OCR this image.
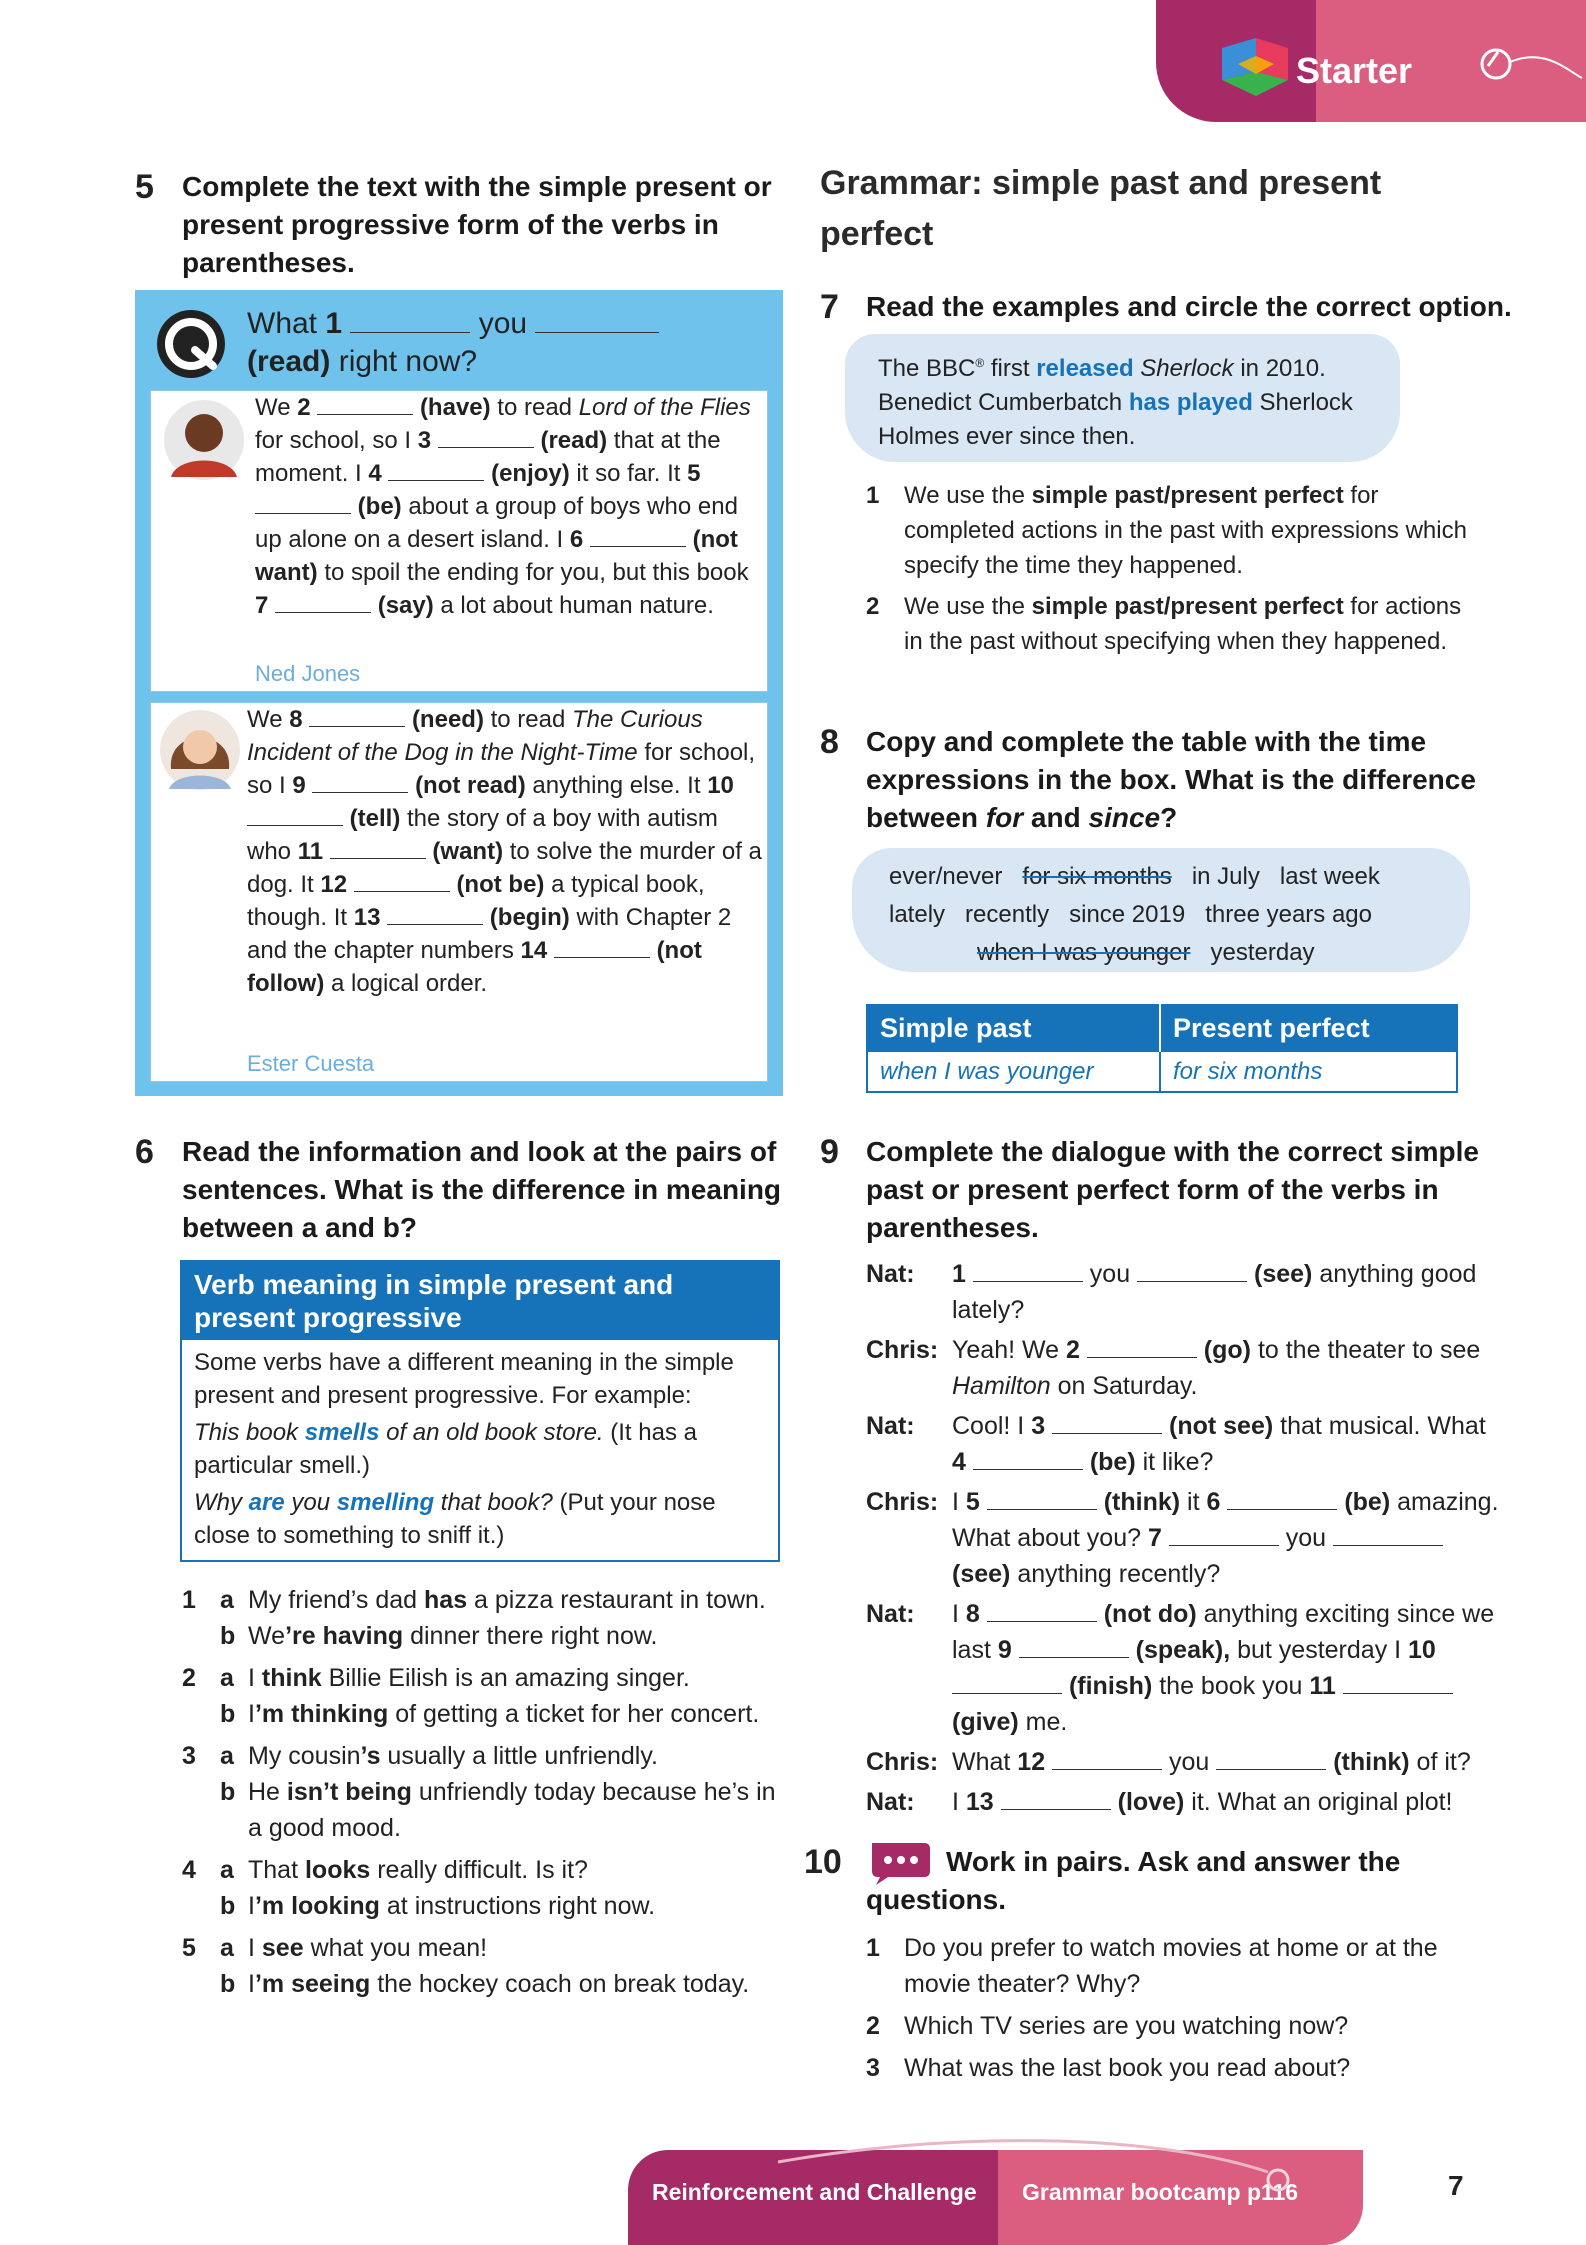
Starter
5 Complete the text with the simple present or present progressive form of the verbs in parentheses.
What 1	you
(read) right now?
We 2	(have) to read Lord of the Flies for school, so I 3	(read) that at the moment. I 4	(enjoy) it so far. It 5  (be) about a group of boys who end up alone on a desert island. I 6	(not want) to spoil the ending for you, but this book 7	(say) a lot about human nature.
Ned Jones
We 8	(need) to read The Curious Incident of the Dog in the Night-Time for school, so I 9	(not read) anything else. It 10  (tell) the story of a boy with autism who 11	(want) to solve the murder of a dog. It 12	(not be) a typical book, though. It 13	(begin) with Chapter 2 and the chapter numbers 14	(not follow) a logical order.
Ester Cuesta
6 Read the information and look at the pairs of sentences. What is the difference in meaning between a and b?
Verb meaning in simple present and present progressive
Some verbs have a different meaning in the simple present and present progressive. For example:
This book smells of an old book store. (It has a particular smell.)
Why are you smelling that book? (Put your nose close to something to sniff it.)
1 a My friend’s dad has a pizza restaurant in town.
b We’re having dinner there right now.
2 a I think Billie Eilish is an amazing singer.
b I’m thinking of getting a ticket for her concert.
3 a My cousin’s usually a little unfriendly.
b He isn’t being unfriendly today because he’s in a good mood.
4 a That looks really difficult. Is it?
b I’m looking at instructions right now.
5 a I see what you mean!
b I’m seeing the hockey coach on break today.
Grammar: simple past and present perfect
7 Read the examples and circle the correct option.
The BBC® first released Sherlock in 2010.
Benedict Cumberbatch has played Sherlock Holmes ever since then.
1 We use the simple past/present perfect for completed actions in the past with expressions which specify the time they happened.
2 We use the simple past/present perfect for actions in the past without specifying when they happened.
8 Copy and complete the table with the time expressions in the box. What is the difference between for and since?
ever/never for six months in July last week
lately recently since 2019 three years ago
when I was younger yesterday
Simple past	Present perfect
when I was younger	for six months
9 Complete the dialogue with the correct simple past or present perfect form of the verbs in parentheses.
Nat: 1	you	(see) anything good lately?
Chris: Yeah! We 2	(go) to the theater to see Hamilton on Saturday.
Nat: Cool! I 3	(not see) that musical. What 4	(be) it like?
Chris: I 5	(think) it 6	(be) amazing. What about you? 7	you  (see) anything recently?
Nat: I 8	(not do) anything exciting since we last 9	(speak), but yesterday I 10  (finish) the book you 11  (give) me.
Chris: What 12	you	(think) of it?
Nat: I 13	(love) it. What an original plot!
10	Work in pairs. Ask and answer the questions.
1 Do you prefer to watch movies at home or at the movie theater? Why?
2 Which TV series are you watching now?
3 What was the last book you read about?
Reinforcement and Challenge Grammar bootcamp p116	7
